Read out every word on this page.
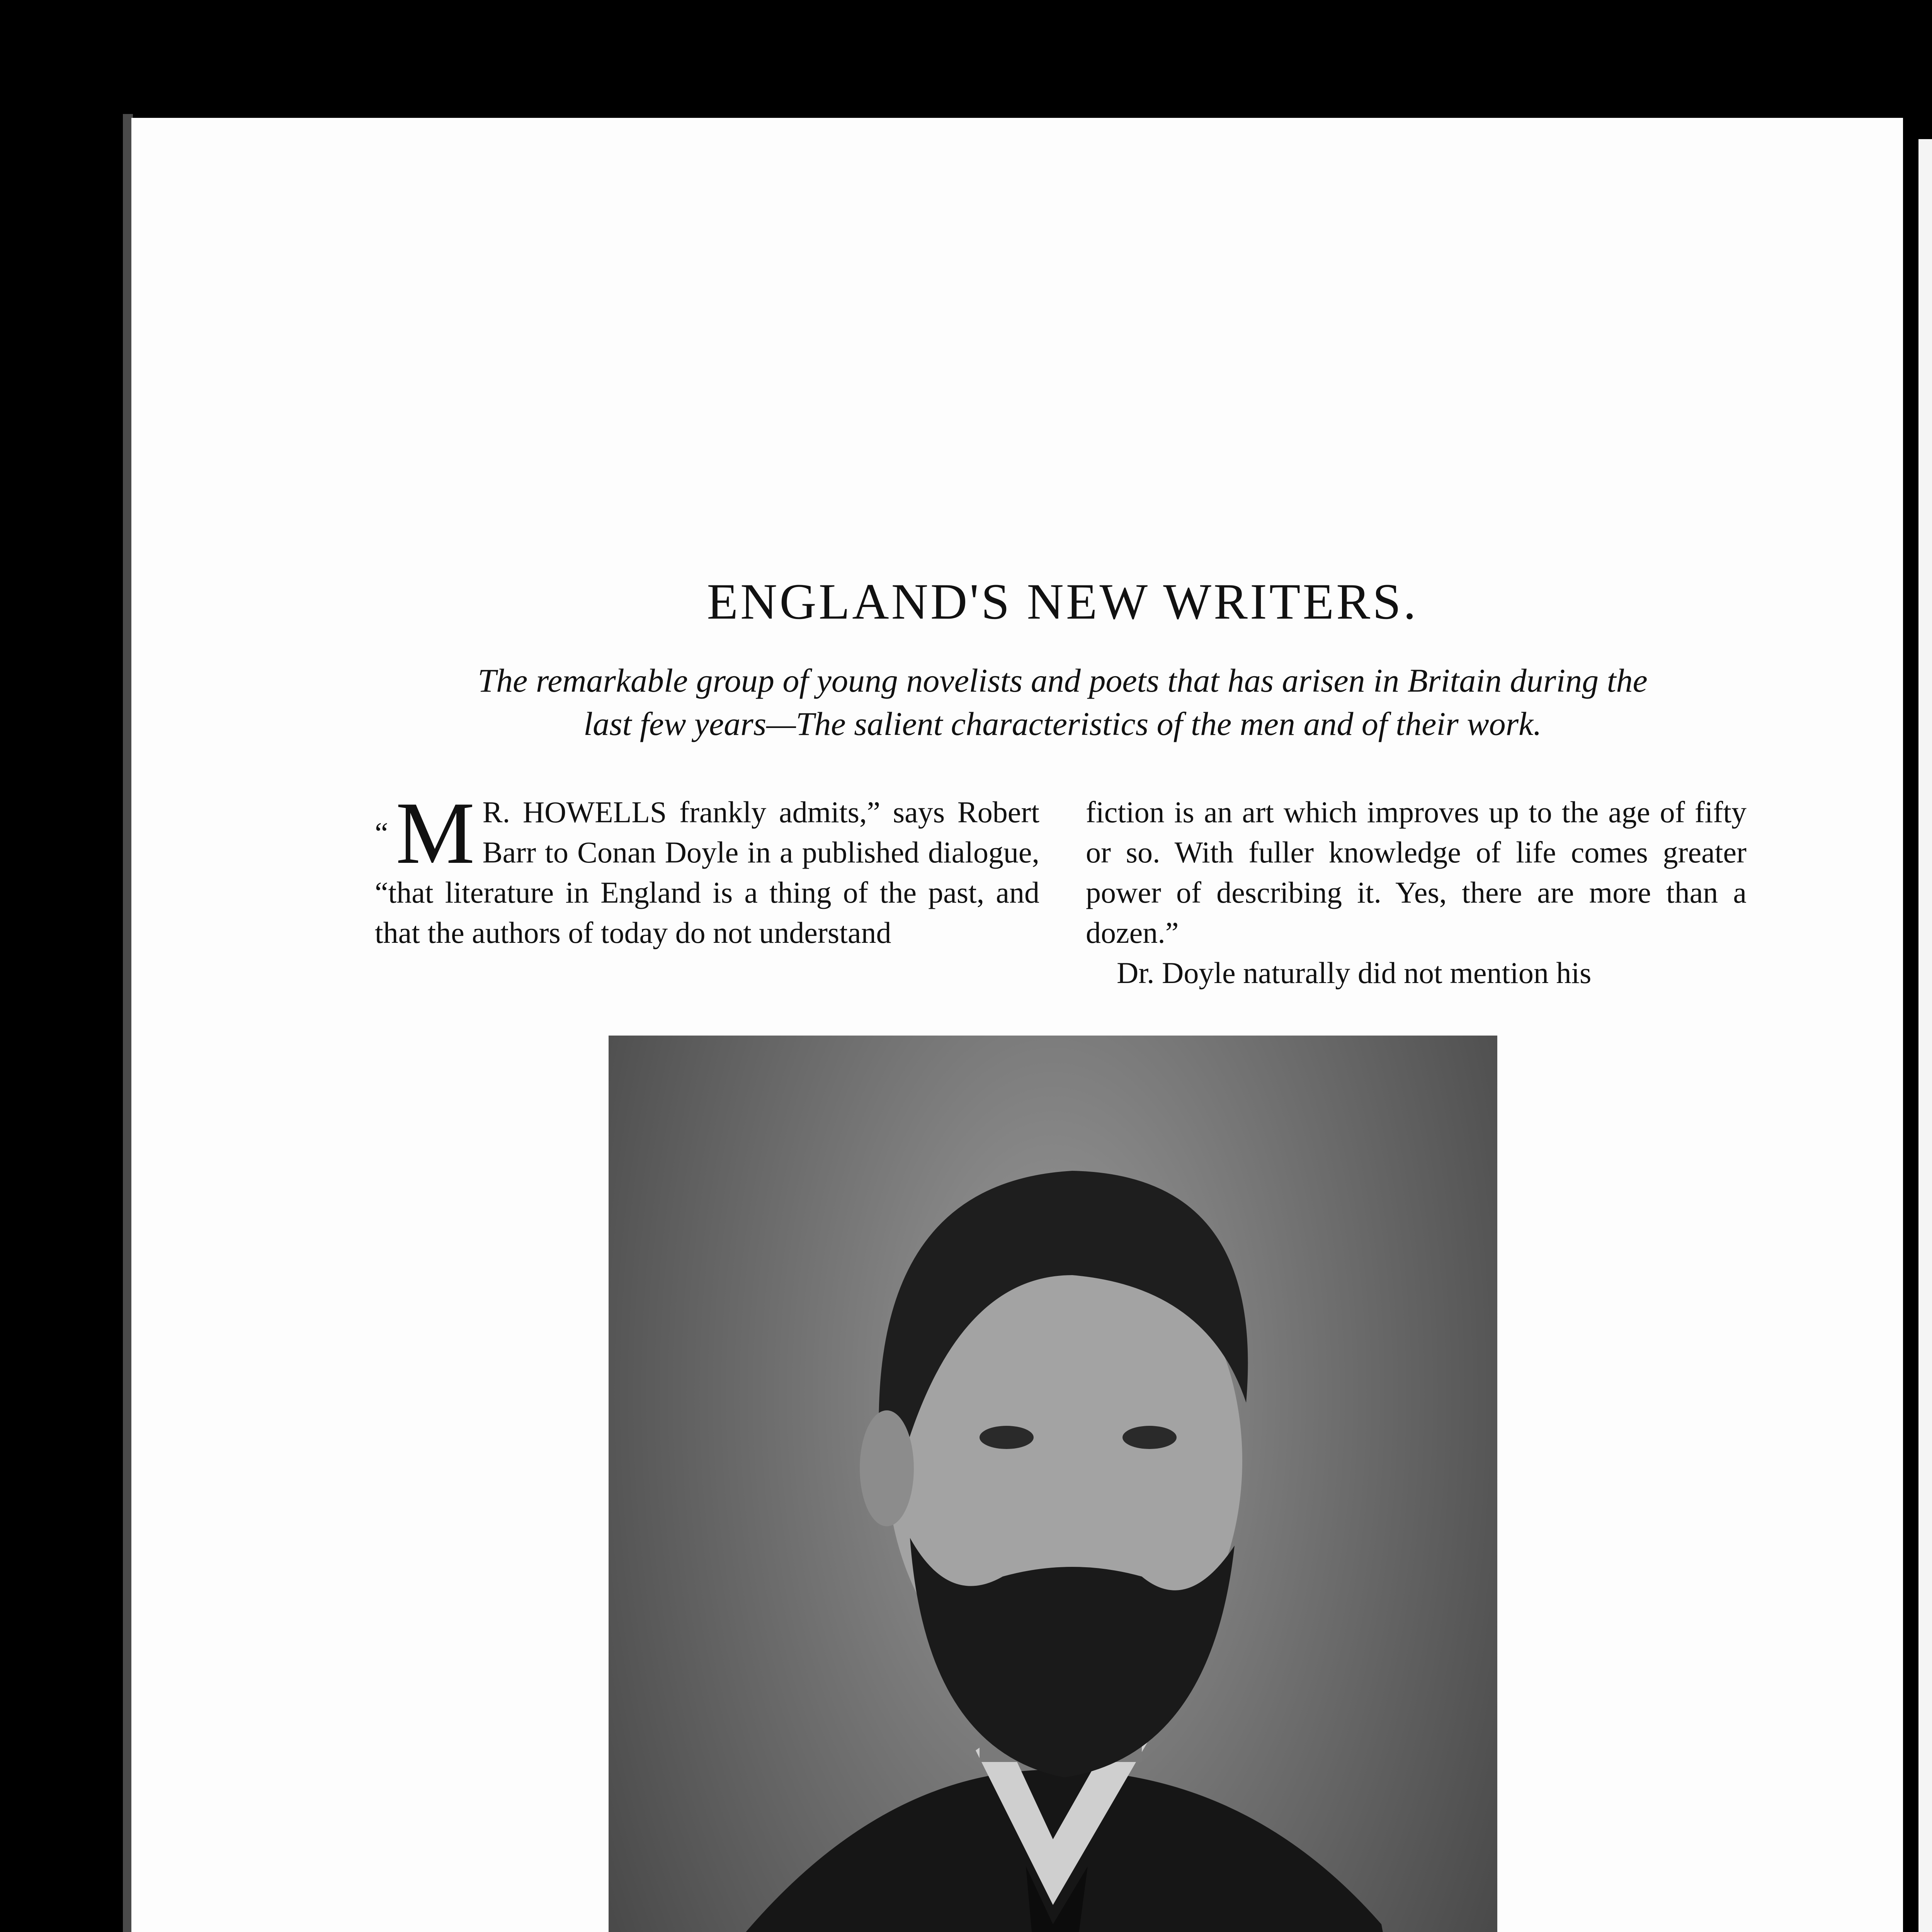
ENGLAND'S NEW WRITERS.

The remarkable group of young novelists and poets that has arisen in Britain during the
last few years—The salient characteristics of the men and of their work.

“ M R. HOWELLS frankly admits,” says Robert Barr to Conan Doyle in a published dialogue, “that literature in England is a thing of the past, and that the authors of today do not understand

fiction is an art which improves up to the age of fifty or so. With fuller knowledge of life comes greater power of describing it. Yes, there are more than a dozen.”

Dr. Doyle naturally did not mention his
